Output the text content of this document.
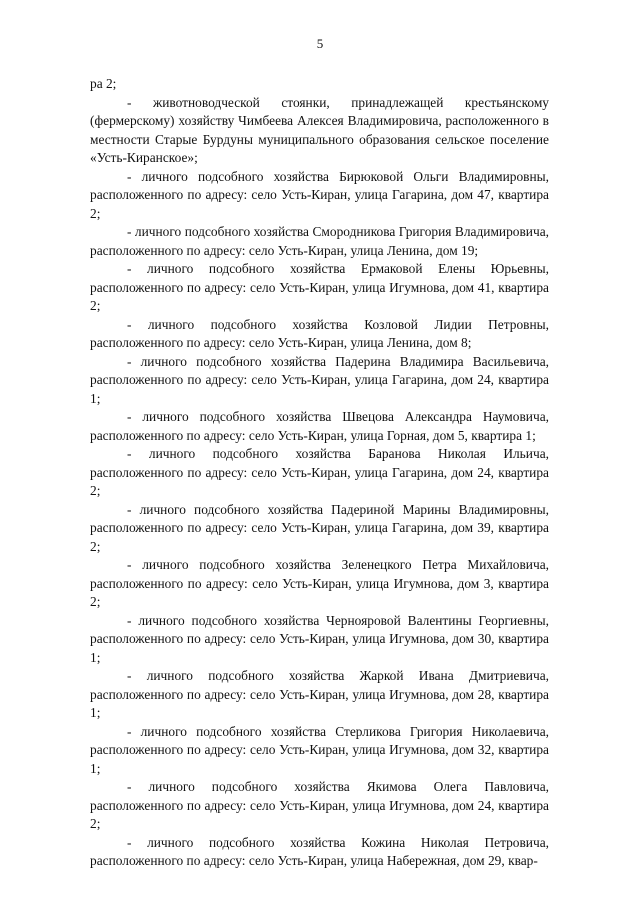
5

ра 2;

- животноводческой стоянки, принадлежащей крестьянскому (фермерскому) хозяйству Чимбеева Алексея Владимировича, расположенного в местности Старые Бурдуны муниципального образования сельское поселение «Усть-Киранское»;

- личного подсобного хозяйства Бирюковой Ольги Владимировны, расположенного по адресу: село Усть-Киран, улица Гагарина, дом 47, квартира 2;

- личного подсобного хозяйства Смородникова Григория Владимировича, расположенного по адресу: село Усть-Киран, улица Ленина, дом 19;

- личного подсобного хозяйства Ермаковой Елены Юрьевны, расположенного по адресу: село Усть-Киран, улица Игумнова, дом 41, квартира 2;

- личного подсобного хозяйства Козловой Лидии Петровны, расположенного по адресу: село Усть-Киран, улица Ленина, дом 8;

- личного подсобного хозяйства Падерина Владимира Васильевича, расположенного по адресу: село Усть-Киран, улица Гагарина, дом 24, квартира 1;

- личного подсобного хозяйства Швецова Александра Наумовича, расположенного по адресу: село Усть-Киран, улица Горная, дом 5, квартира 1;

- личного подсобного хозяйства Баранова Николая Ильича, расположенного по адресу: село Усть-Киран, улица Гагарина, дом 24, квартира 2;

- личного подсобного хозяйства Падериной Марины Владимировны, расположенного по адресу: село Усть-Киран, улица Гагарина, дом 39, квартира 2;

- личного подсобного хозяйства Зеленецкого Петра Михайловича, расположенного по адресу: село Усть-Киран, улица Игумнова, дом 3, квартира 2;

- личного подсобного хозяйства Чернояровой Валентины Георгиевны, расположенного по адресу: село Усть-Киран, улица Игумнова, дом 30, квартира 1;

- личного подсобного хозяйства Жаркой Ивана Дмитриевича, расположенного по адресу: село Усть-Киран, улица Игумнова, дом 28, квартира 1;

- личного подсобного хозяйства Стерликова Григория Николаевича, расположенного по адресу: село Усть-Киран, улица Игумнова, дом 32, квартира 1;

- личного подсобного хозяйства Якимова Олега Павловича, расположенного по адресу: село Усть-Киран, улица Игумнова, дом 24, квартира 2;

- личного подсобного хозяйства Кожина Николая Петровича, расположенного по адресу: село Усть-Киран, улица Набережная, дом 29, квар-
